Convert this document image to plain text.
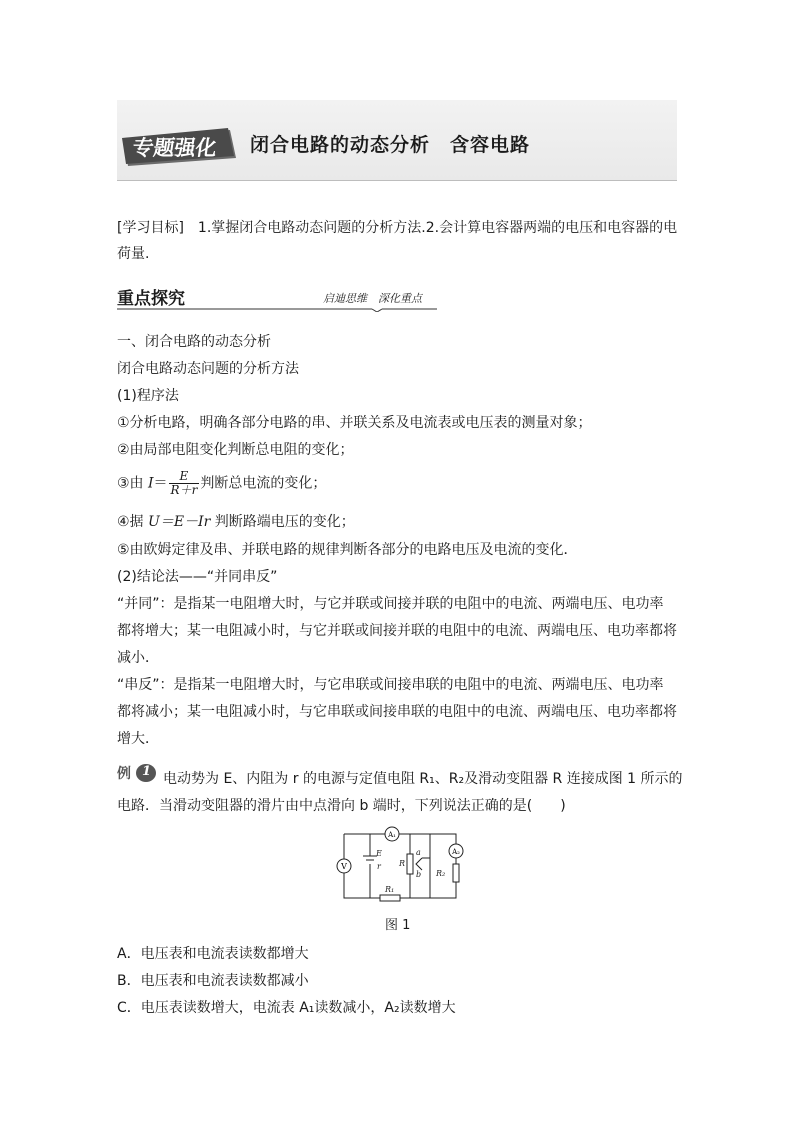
专题强化 闭合电路的动态分析　含容电路
[学习目标]　1.掌握闭合电路动态问题的分析方法.2.会计算电容器两端的电压和电容器的电
荷量.
重点探究	启迪思维　深化重点
一、闭合电路的动态分析
闭合电路动态问题的分析方法
(1)程序法
①分析电路，明确各部分电路的串、并联关系及电流表或电压表的测量对象；
②由局部电阻变化判断总电阻的变化；
③由 $I= \frac{E}{R+r}$ 判断总电流的变化；
④据 U＝E－Ir 判断路端电压的变化；
⑤由欧姆定律及串、并联电路的规律判断各部分的电路电压及电流的变化．
(2)结论法——“并同串反”
“并同”：是指某一电阻增大时，与它并联或间接并联的电阻中的电流、两端电压、电功率
都将增大；某一电阻减小时，与它并联或间接并联的电阻中的电流、两端电压、电功率都将
减小．
“串反”：是指某一电阻增大时，与它串联或间接串联的电阻中的电流、两端电压、电功率
都将减小；某一电阻减小时，与它串联或间接串联的电阻中的电流、两端电压、电功率都将
增大．
例 1 电动势为 E、内阻为 r 的电源与定值电阻 R₁、R₂及滑动变阻器 R 连接成图 1 所示的
电路．当滑动变阻器的滑片由中点滑向 b 端时，下列说法正确的是(　　)
V
A₁
A₂
E
r R
a
b
R₁
R₂
图 1
A．电压表和电流表读数都增大
B．电压表和电流表读数都减小
C．电压表读数增大，电流表 A₁读数减小，A₂读数增大
